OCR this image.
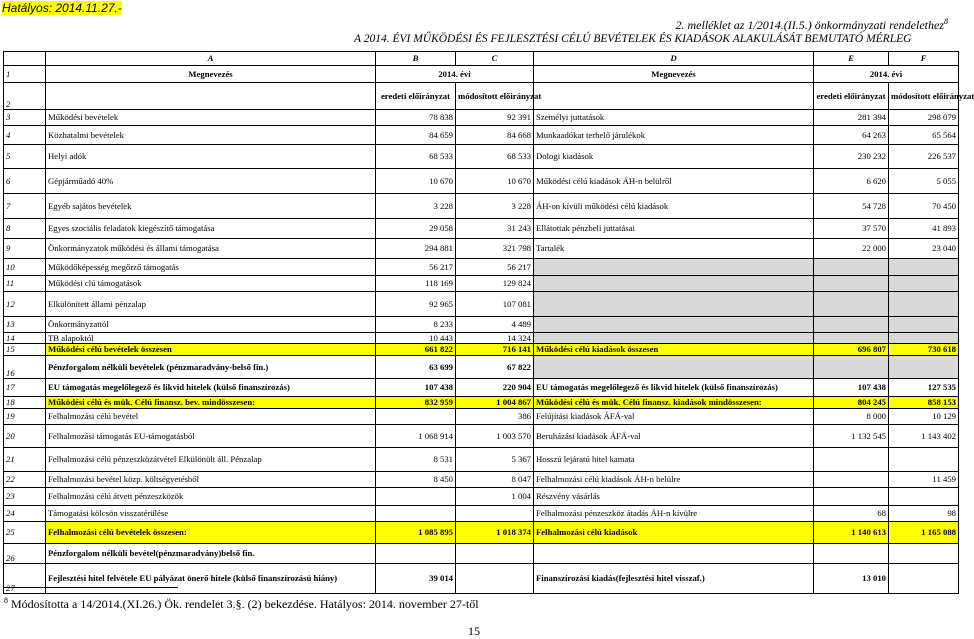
Hatályos: 2014.11.27.-
2. melléklet az 1/2014.(II.5.) önkormányzati rendelethez$^8$
A 2014. ÉVI MŰKÖDÉSI ÉS FEJLESZTÉSI CÉLÚ BEVÉTELEK ÉS KIADÁSOK ALAKULÁSÁT BEMUTATÓ MÉRLEG
	A	B	C	D	E	F
1	Megnevezés	2014. évi		Megnevezés	2014. évi	
2		eredeti előirányzat	módosított előirányzat		eredeti előirányzat	módosított előirányzat
3	Működési bevételek	78 838	92 391	Személyi juttatások	281 394	298 079
4	Közhatalmi bevételek	84 659	84 668	Munkaadókat terhelő járulékok	64 263	65 564
5	Helyi adók	68 533	68 533	Dologi kiadások	230 232	226 537
6	Gépjárműadó 40%	10 670	10 670	Működési célú kiadások ÁH-n belülről	6 620	5 055
7	Egyéb sajátos bevételek	3 228	3 228	ÁH-on kívüli működési célú kiadások	54 728	70 450
8	Egyes szociális feladatok kiegészítő támogatása	29 058	31 243	Ellátottak pénzbeli juttatásai	37 570	41 893
9	Önkormányzatok működési és állami támogatása	294 881	321 798	Tartalék	22 000	23 040
10	Működőképesség megőrző támogatás	56 217	56 217			
11	Működési clú támogatások	118 169	129 824			
12	Elkülönített állami pénzalap	92 965	107 081			
13	Önkormányzattól	8 233	4 489			
14	TB alapoktól	10 443	14 324			
15	Működési célú bevételek összesen	661 822	716 141	Működési célú kiadások összesen	696 807	730 618
16	Pénzforgalom nélküli bevételek (pénzmaradvány-belső fin.)	63 699	67 822			
17	EU támogatás megelőlegező és likvid hitelek (külső finanszírozás)	107 438	220 904	EU támogatás megelőlegező és likvid hitelek (külső finanszírozás)	107 438	127 535
18	Működési célú és mük. Célú finansz. bev. mindösszesen:	832 959	1 004 867	Működési célú és mük. Célú finansz. kiadások mindösszesen:	804 245	858 153
19	Felhalmozási célú bevétel		386	Felújítási kiadások ÁFÁ-val	8 000	10 129
20	Felhalmozási támogatás EU-támogatásból	1 068 914	1 003 570	Beruházási kiadások ÁFÁ-val	1 132 545	1 143 402
21	Felhalmozási célú pénzeszközátvétel Elkülönült áll. Pénzalap	8 531	5 367	Hosszú lejáratú hitel kamata		
22	Felhalmozási bevétel közp. költségvetésből	8 450	8 047	Felhalmozási célú kiadások ÁH-n belülre		11 459
23	Felhalmozási célú átvett pénzeszközök		1 004	Részvény vásárlás		
24	Támogatási kölcsön visszatérülése			Felhalmozási pénzeszköz átadás ÁH-n kívülre	68	98
25	Felhalmozási célú bevételek összesen:	1 085 895	1 018 374	Felhalmozási célú kiadások	1 140 613	1 165 088
26	Pénzforgalom nélküli bevétel(pénzmaradvány)belső fin.					
27	Fejlesztési hitel felvétele EU pályázat önerő hitele (külső finanszírozású hiány)	39 014		Finanszírozási kiadás(fejlesztési hitel visszaf.)	13 010	
$^8$ Módosította a 14/2014.(XI.26.) Ök. rendelet 3.§. (2) bekezdése. Hatályos: 2014. november 27-től
15
